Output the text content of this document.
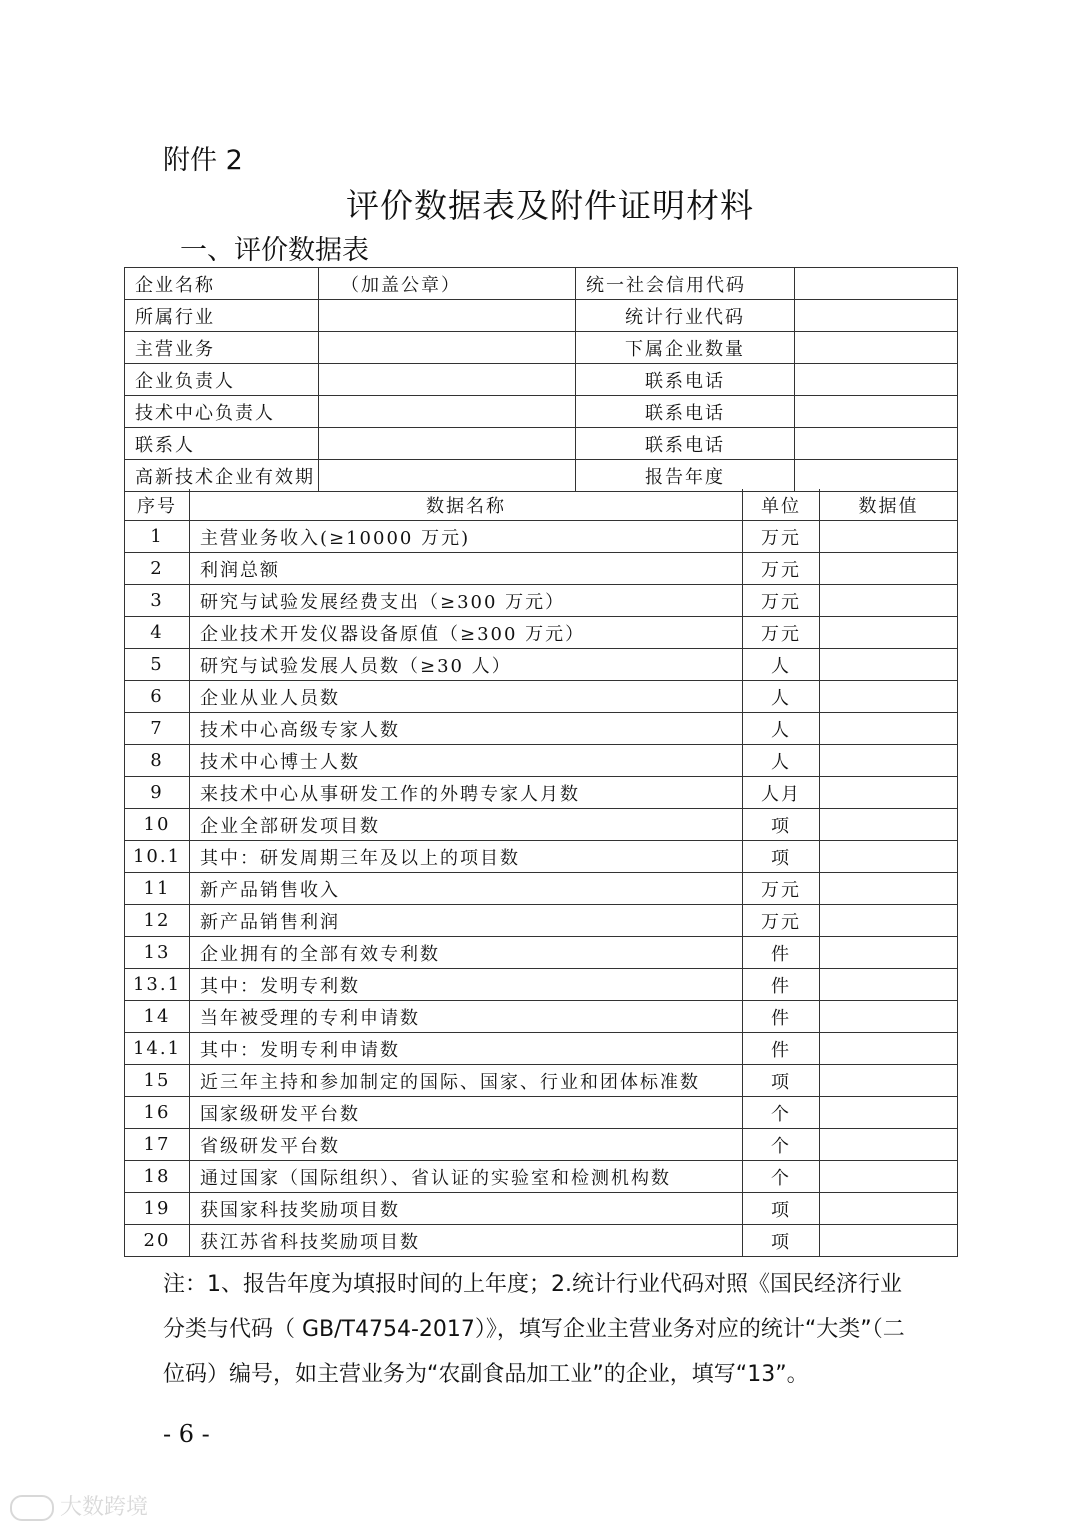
附件 2
评价数据表及附件证明材料
一、评价数据表
企业名称	（加盖公章）	统一社会信用代码	
所属行业		统计行业代码	
主营业务		下属企业数量	
企业负责人		联系电话	
技术中心负责人		联系电话	
联系人		联系电话	
高新技术企业有效期		报告年度	
序号	数据名称	单位	数据值
1	主营业务收入(≥10000 万元)	万元	
2	利润总额	万元	
3	研究与试验发展经费支出（≥300 万元）	万元	
4	企业技术开发仪器设备原值（≥300 万元）	万元	
5	研究与试验发展人员数（≥30 人）	人	
6	企业从业人员数	人	
7	技术中心高级专家人数	人	
8	技术中心博士人数	人	
9	来技术中心从事研发工作的外聘专家人月数	人月	
10	企业全部研发项目数	项	
10.1	其中：研发周期三年及以上的项目数	项	
11	新产品销售收入	万元	
12	新产品销售利润	万元	
13	企业拥有的全部有效专利数	件	
13.1	其中：发明专利数	件	
14	当年被受理的专利申请数	件	
14.1	其中：发明专利申请数	件	
15	近三年主持和参加制定的国际、国家、行业和团体标准数	项	
16	国家级研发平台数	个	
17	省级研发平台数	个	
18	通过国家（国际组织）、省认证的实验室和检测机构数	个	
19	获国家科技奖励项目数	项	
20	获江苏省科技奖励项目数	项	
注：1、报告年度为填报时间的上年度；2.统计行业代码对照《国民经济行业分类与代码（ GB/T4754-2017）》，填写企业主营业务对应的统计“大类”（二位码）编号，如主营业务为“农副食品加工业”的企业，填写“13”。
- 6 -
大数跨境
